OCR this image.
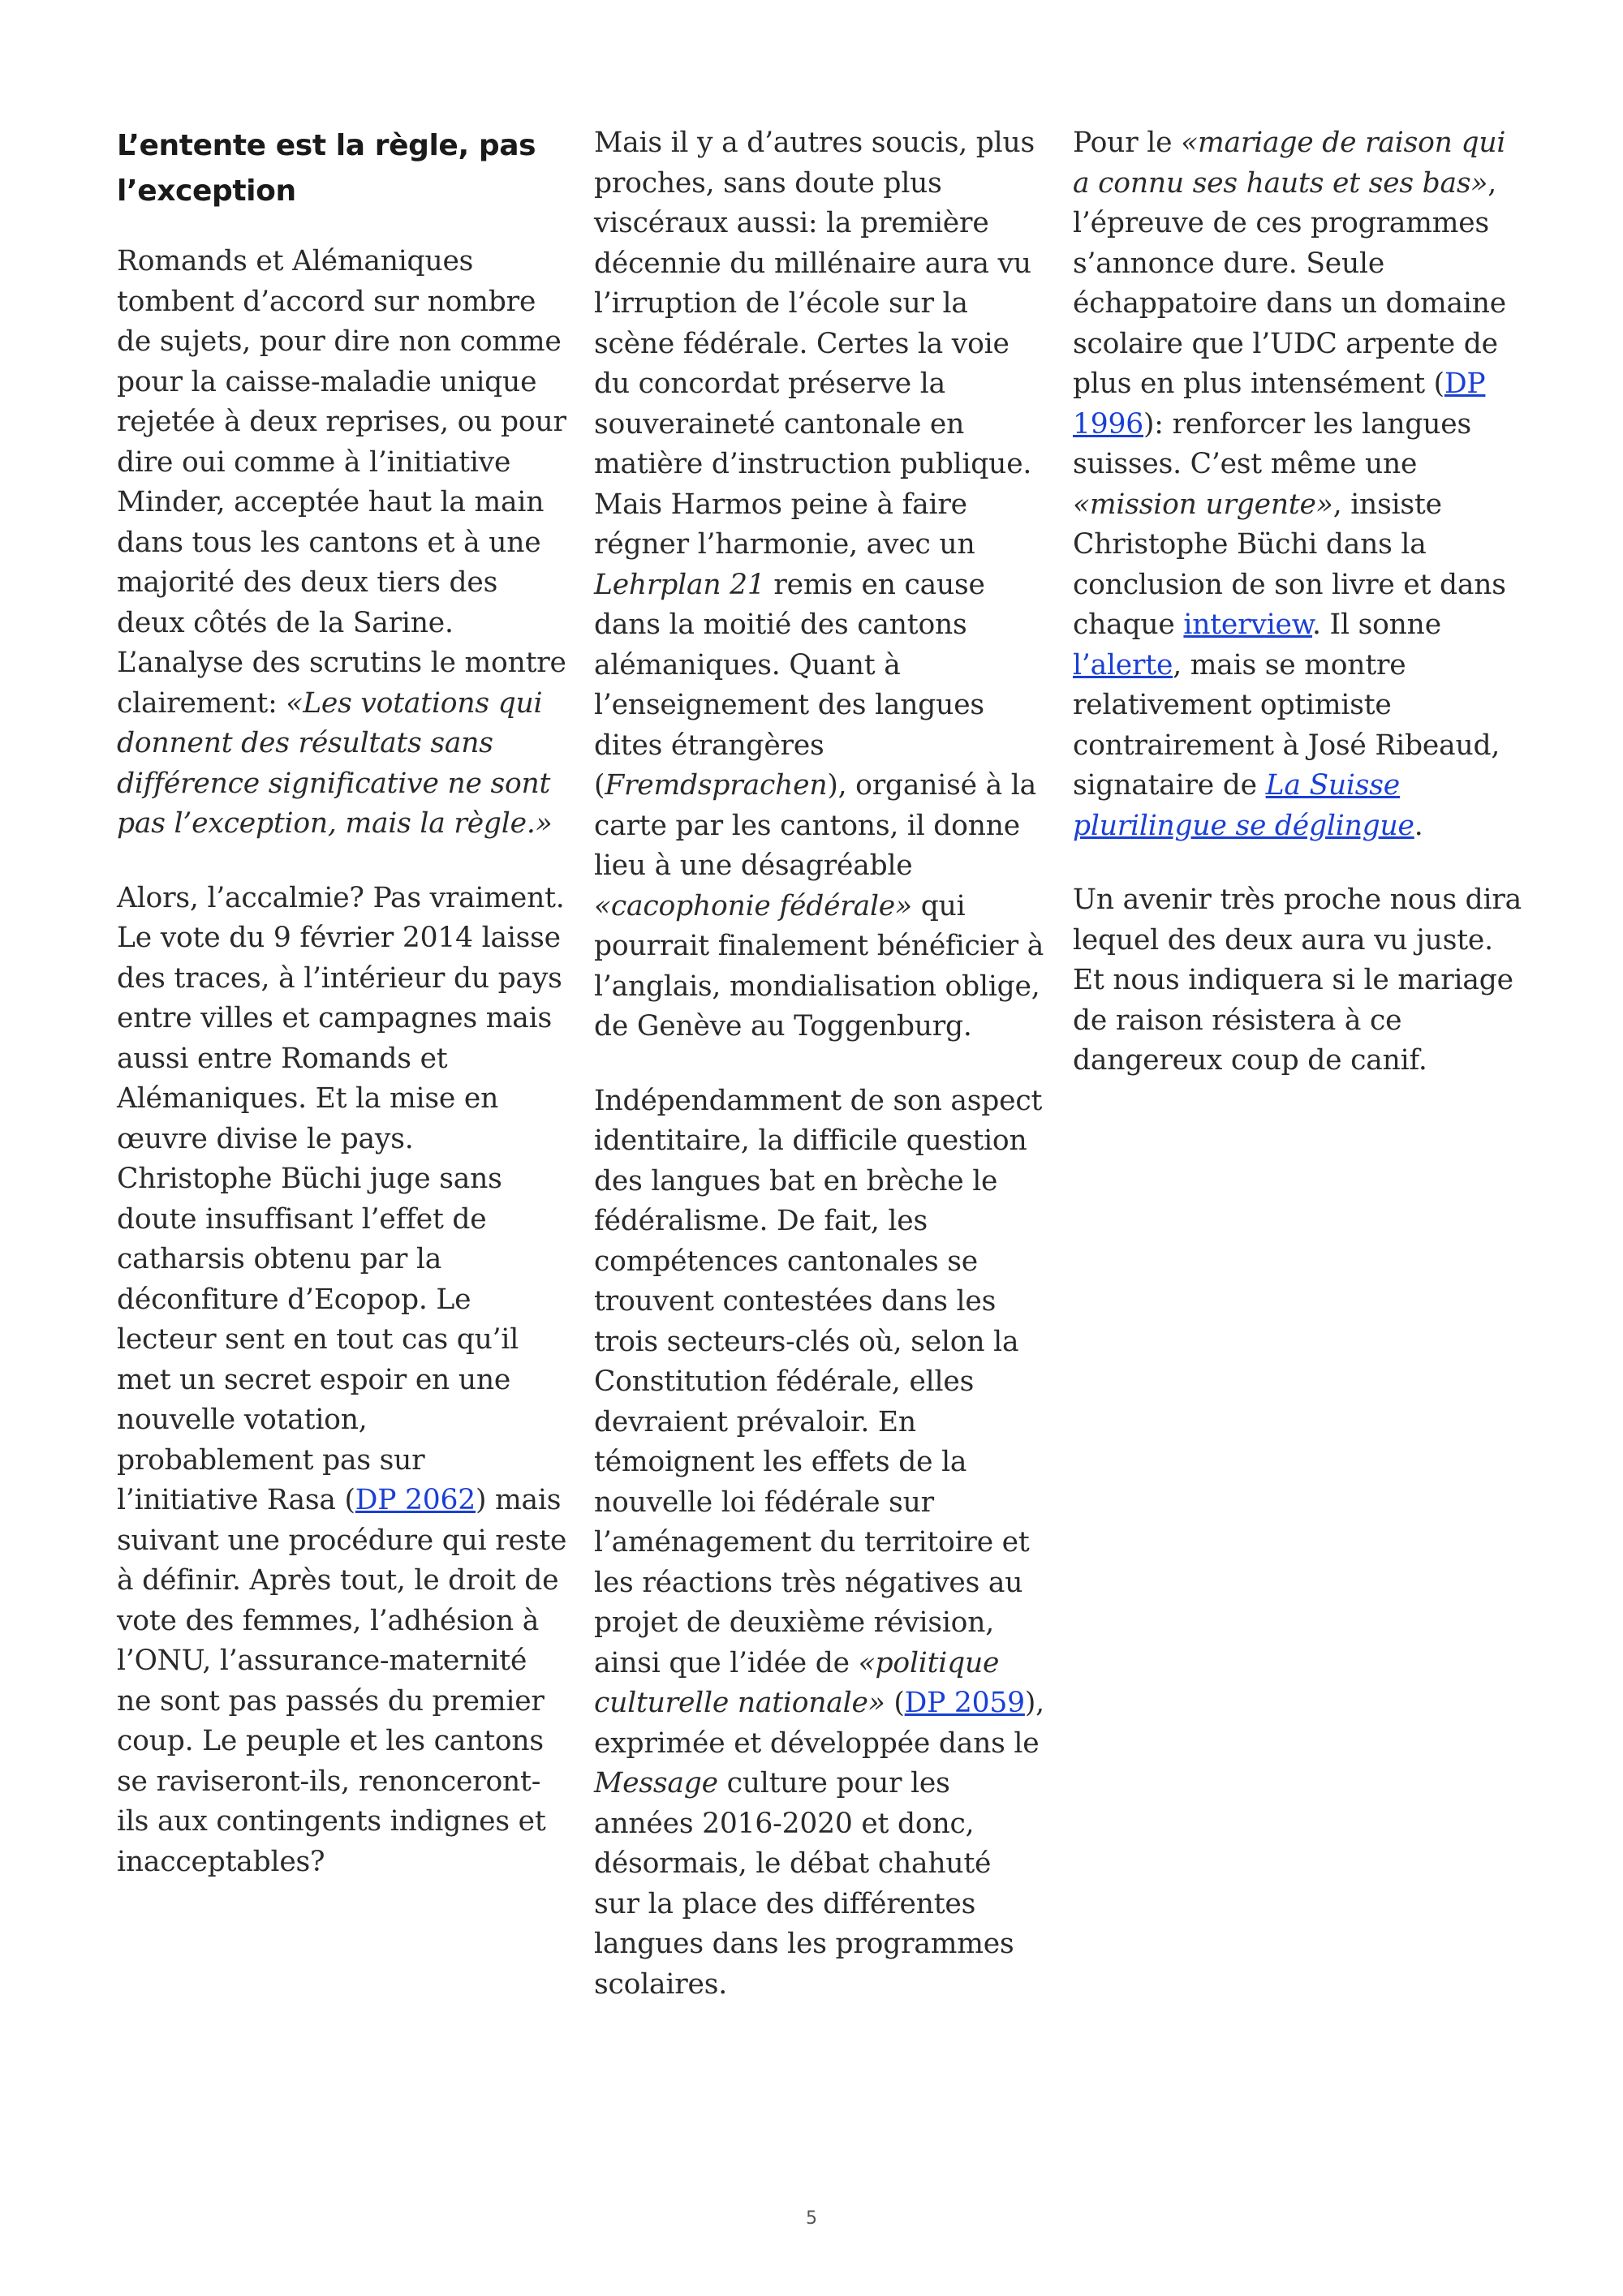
L’entente est la règle, pas l’exception

Romands et Alémaniques tombent d’accord sur nombre de sujets, pour dire non comme pour la caisse-maladie unique rejetée à deux reprises, ou pour dire oui comme à l’initiative Minder, acceptée haut la main dans tous les cantons et à une majorité des deux tiers des deux côtés de la Sarine. L’analyse des scrutins le montre clairement: «Les votations qui donnent des résultats sans différence significative ne sont pas l’exception, mais la règle.»

Alors, l’accalmie? Pas vraiment. Le vote du 9 février 2014 laisse des traces, à l’intérieur du pays entre villes et campagnes mais aussi entre Romands et Alémaniques. Et la mise en œuvre divise le pays. Christophe Büchi juge sans doute insuffisant l’effet de catharsis obtenu par la déconfiture d’Ecopop. Le lecteur sent en tout cas qu’il met un secret espoir en une nouvelle votation, probablement pas sur l’initiative Rasa (DP 2062) mais suivant une procédure qui reste à définir. Après tout, le droit de vote des femmes, l’adhésion à l’ONU, l’assurance-maternité ne sont pas passés du premier coup. Le peuple et les cantons se raviseront-ils, renonceront-ils aux contingents indignes et inacceptables?

Mais il y a d’autres soucis, plus proches, sans doute plus viscéraux aussi: la première décennie du millénaire aura vu l’irruption de l’école sur la scène fédérale. Certes la voie du concordat préserve la souveraineté cantonale en matière d’instruction publique. Mais Harmos peine à faire régner l’harmonie, avec un Lehrplan 21 remis en cause dans la moitié des cantons alémaniques. Quant à l’enseignement des langues dites étrangères (Fremdsprachen), organisé à la carte par les cantons, il donne lieu à une désagréable «cacophonie fédérale» qui pourrait finalement bénéficier à l’anglais, mondialisation oblige, de Genève au Toggenburg.

Indépendamment de son aspect identitaire, la difficile question des langues bat en brèche le fédéralisme. De fait, les compétences cantonales se trouvent contestées dans les trois secteurs-clés où, selon la Constitution fédérale, elles devraient prévaloir. En témoignent les effets de la nouvelle loi fédérale sur l’aménagement du territoire et les réactions très négatives au projet de deuxième révision, ainsi que l’idée de «politique culturelle nationale» (DP 2059), exprimée et développée dans le Message culture pour les années 2016-2020 et donc, désormais, le débat chahuté sur la place des différentes langues dans les programmes scolaires.

Pour le «mariage de raison qui a connu ses hauts et ses bas», l’épreuve de ces programmes s’annonce dure. Seule échappatoire dans un domaine scolaire que l’UDC arpente de plus en plus intensément (DP 1996): renforcer les langues suisses. C’est même une «mission urgente», insiste Christophe Büchi dans la conclusion de son livre et dans chaque interview. Il sonne l’alerte, mais se montre relativement optimiste contrairement à José Ribeaud, signataire de La Suisse plurilingue se déglingue.

Un avenir très proche nous dira lequel des deux aura vu juste. Et nous indiquera si le mariage de raison résistera à ce dangereux coup de canif.

5
